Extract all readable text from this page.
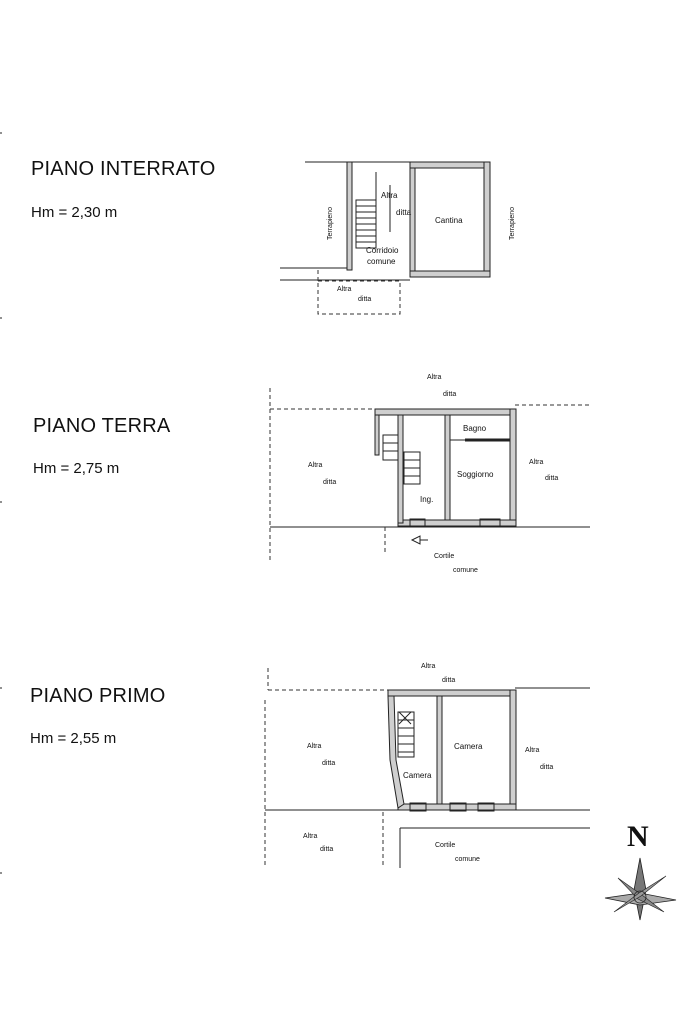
PIANO INTERRATO
Hm = 2,30 m
PIANO TERRA
Hm = 2,75 m
PIANO PRIMO
Hm = 2,55 m
Terrapieno	Terrapieno
Altra
ditta
Cantina
Corridoio
comune
Altra
ditta
Altra
ditta
Altra
ditta
Bagno
Soggiorno
Ing.
Altra
ditta
Cortile
comune
Altra
ditta
Altra
ditta
Camera
Camera	Altra
ditta
Altra
ditta
Cortile
comune
N
